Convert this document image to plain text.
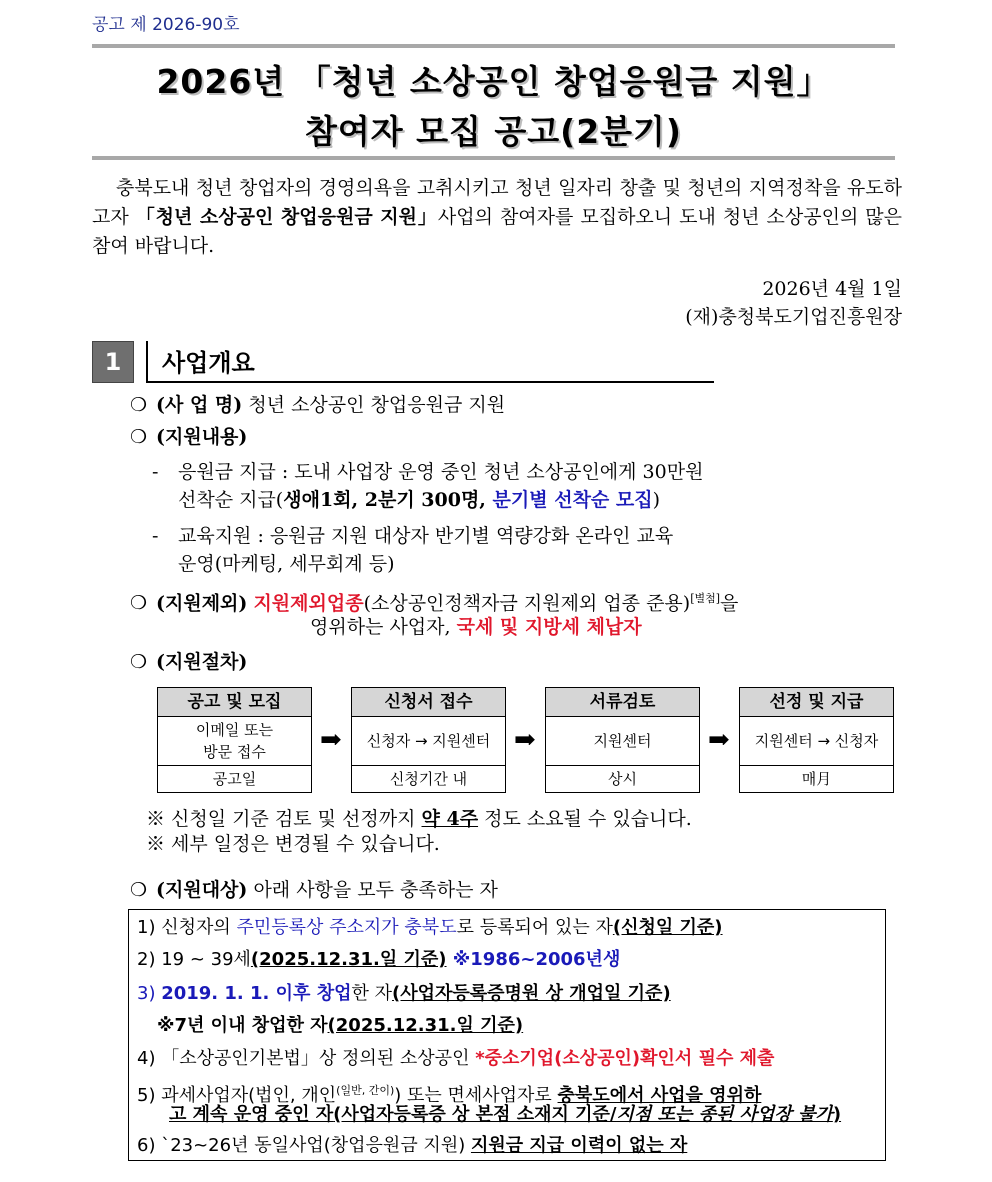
공고 제 2026-90호
2026년 「청년 소상공인 창업응원금 지원」
참여자 모집 공고(2분기)
충북도내 청년 창업자의 경영의욕을 고취시키고 청년 일자리 창출 및 청년의 지역정착을 유도하고자 「청년 소상공인 창업응원금 지원」사업의 참여자를 모집하오니 도내 청년 소상공인의 많은 참여 바랍니다.
2026년 4월 1일
(재)충청북도기업진흥원장
1	사업개요
❍ (사 업 명) 청년 소상공인 창업응원금 지원
❍ (지원내용)
- 응원금 지급 : 도내 사업장 운영 중인 청년 소상공인에게 30만원
선착순 지급(생애1회, 2분기 300명, 분기별 선착순 모집)
- 교육지원 : 응원금 지원 대상자 반기별 역량강화 온라인 교육
운영(마케팅, 세무회계 등)
❍ (지원제외) 지원제외업종(소상공인정책자금 지원제외 업종 준용)[별첨]을
영위하는 사업자, 국세 및 지방세 체납자
❍ (지원절차)
공고 및 모집
이메일 또는
방문 접수
공고일
➡
신청서 접수
신청자 → 지원센터
신청기간 내
➡
서류검토
지원센터
상시
➡
선정 및 지급
지원센터 → 신청자
매月
※ 신청일 기준 검토 및 선정까지 약 4주 정도 소요될 수 있습니다.
※ 세부 일정은 변경될 수 있습니다.
❍ (지원대상) 아래 사항을 모두 충족하는 자
1) 신청자의 주민등록상 주소지가 충북도로 등록되어 있는 자(신청일 기준)
2) 19 ~ 39세(2025.12.31.일 기준) ※1986~2006년생
3) 2019. 1. 1. 이후 창업한 자(사업자등록증명원 상 개업일 기준)
※7년 이내 창업한 자(2025.12.31.일 기준)
4) 「소상공인기본법」상 정의된 소상공인 *중소기업(소상공인)확인서 필수 제출
5) 과세사업자(법인, 개인$^{(일반, 간이)}$) 또는 면세사업자로 충북도에서 사업을 영위하
고 계속 운영 중인 자(사업자등록증 상 본점 소재지 기준/지점 또는 종된 사업장 불가)
6) `23~26년 동일사업(창업응원금 지원) 지원금 지급 이력이 없는 자
